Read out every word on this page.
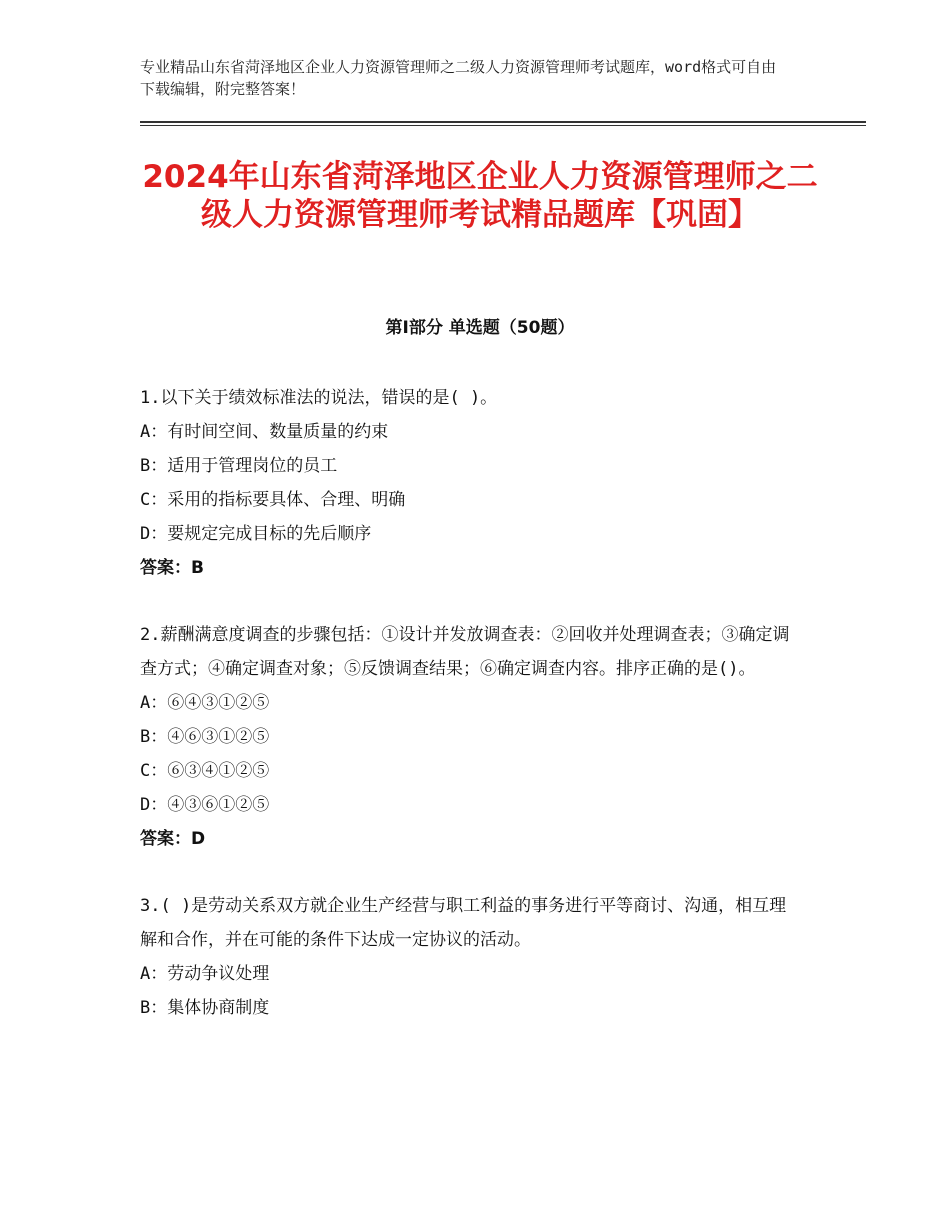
专业精品山东省菏泽地区企业人力资源管理师之二级人力资源管理师考试题库，word格式可自由下载编辑，附完整答案！
2024年山东省菏泽地区企业人力资源管理师之二级人力资源管理师考试精品题库【巩固】
第Ⅰ部分 单选题（50题）

1.以下关于绩效标准法的说法，错误的是( )。

A：有时间空间、数量质量的约束

B：适用于管理岗位的员工

C：采用的指标要具体、合理、明确

D：要规定完成目标的先后顺序

答案：B

2.薪酬满意度调查的步骤包括：①设计并发放调查表：②回收并处理调查表；③确定调查方式；④确定调查对象；⑤反馈调查结果；⑥确定调查内容。排序正确的是()。

A：⑥④③①②⑤

B：④⑥③①②⑤

C：⑥③④①②⑤

D：④③⑥①②⑤

答案：D

3.( )是劳动关系双方就企业生产经营与职工利益的事务进行平等商讨、沟通，相互理解和合作，并在可能的条件下达成一定协议的活动。

A：劳动争议处理

B：集体协商制度
